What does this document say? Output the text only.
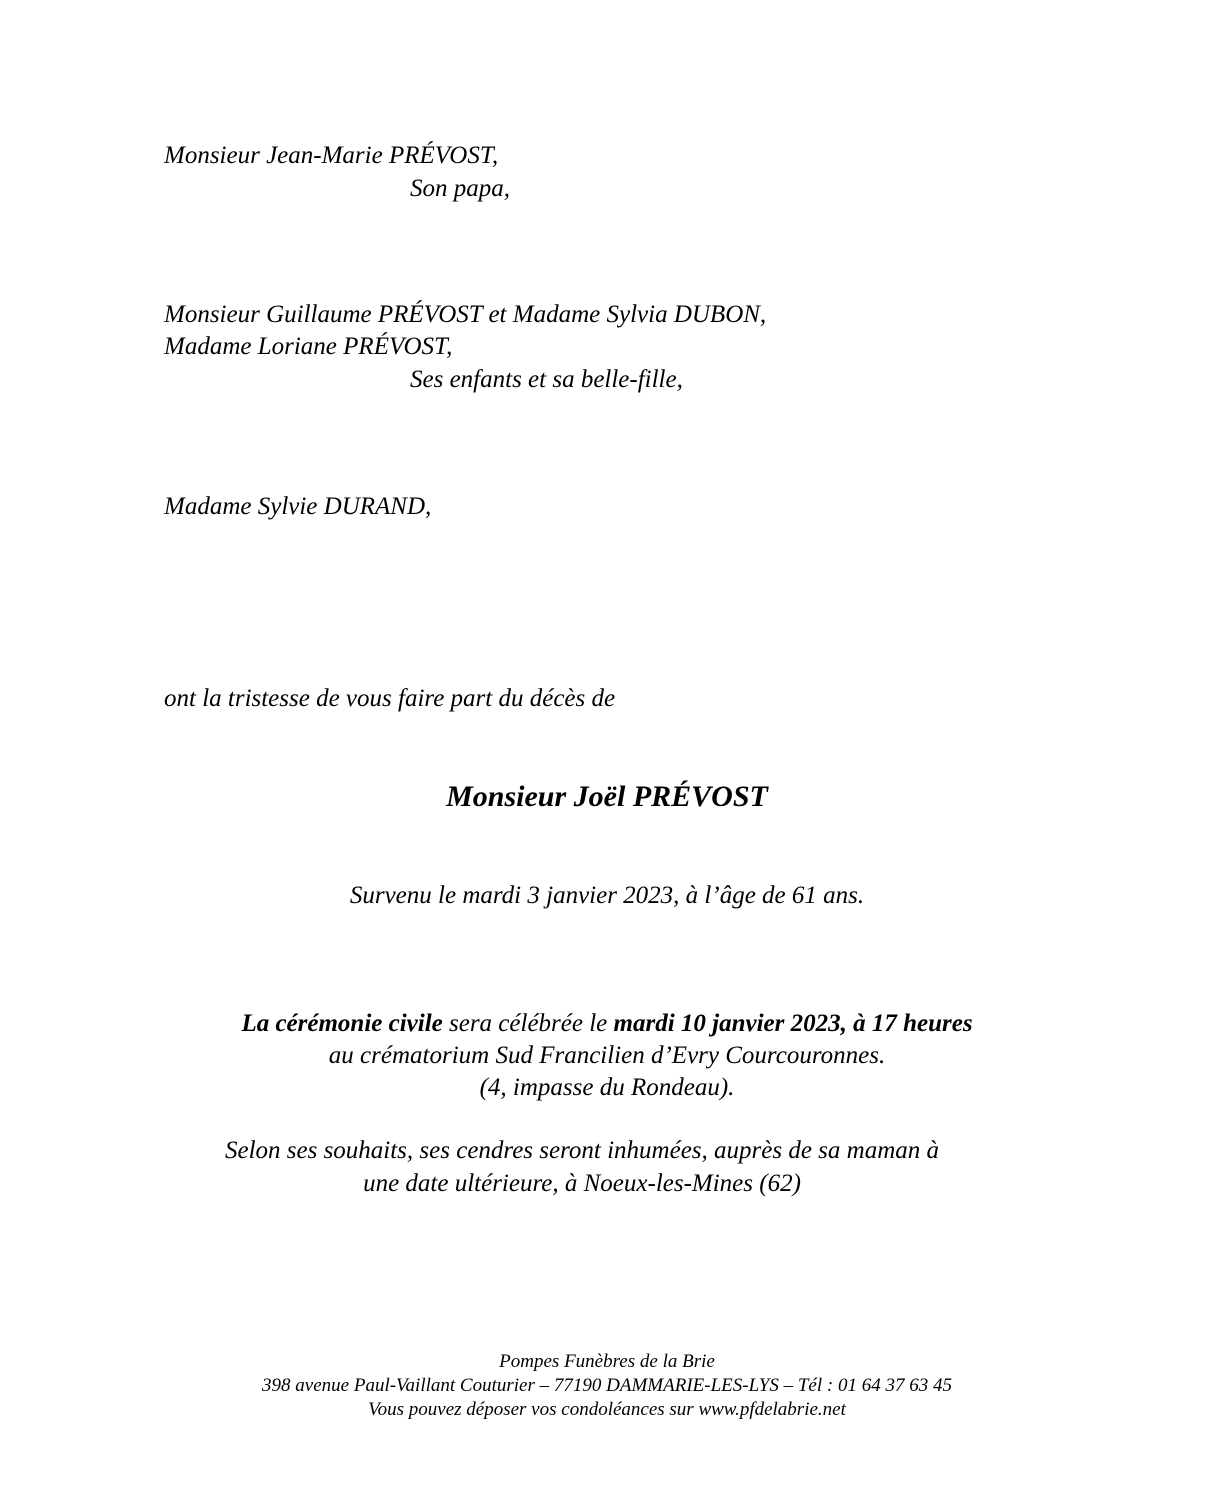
Monsieur Jean-Marie PRÉVOST,
Son papa,
Monsieur Guillaume PRÉVOST et Madame Sylvia DUBON,
Madame Loriane PRÉVOST,
Ses enfants et sa belle-fille,
Madame Sylvie DURAND,
ont la tristesse de vous faire part du décès de
Monsieur Joël PRÉVOST
Survenu le mardi 3 janvier 2023, à l’âge de 61 ans.
La cérémonie civile sera célébrée le mardi 10 janvier 2023, à 17 heures
au crématorium Sud Francilien d’Evry Courcouronnes.
(4, impasse du Rondeau).
Selon ses souhaits, ses cendres seront inhumées, auprès de sa maman à
une date ultérieure, à Noeux-les-Mines (62)
Pompes Funèbres de la Brie
398 avenue Paul-Vaillant Couturier – 77190 DAMMARIE-LES-LYS – Tél : 01 64 37 63 45
Vous pouvez déposer vos condoléances sur www.pfdelabrie.net
